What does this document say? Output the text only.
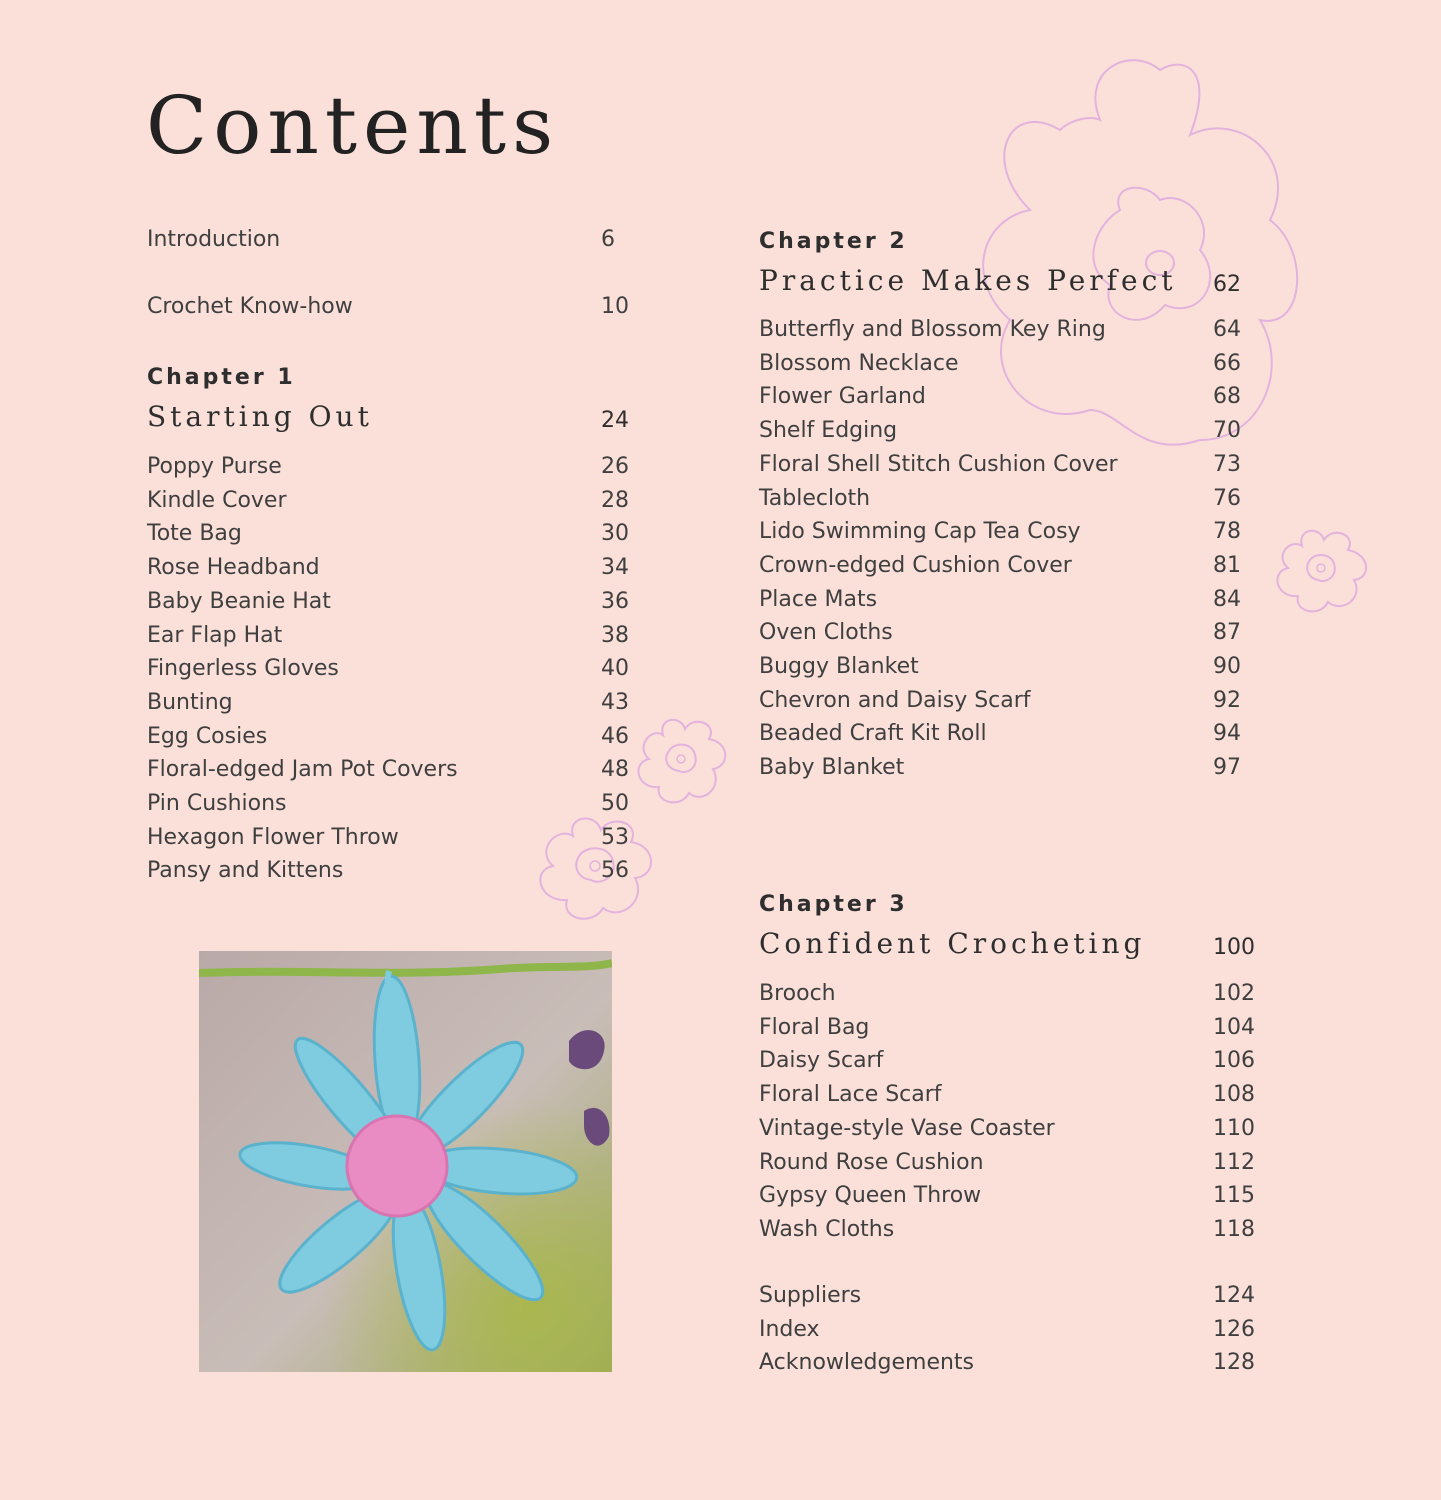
Contents
Introduction	6
Crochet Know-how	10
Chapter 1
Starting Out	24
Poppy Purse	26
Kindle Cover	28
Tote Bag	30
Rose Headband	34
Baby Beanie Hat	36
Ear Flap Hat	38
Fingerless Gloves	40
Bunting	43
Egg Cosies	46
Floral-edged Jam Pot Covers	48
Pin Cushions	50
Hexagon Flower Throw	53
Pansy and Kittens	56
Chapter 2
Practice Makes Perfect 62
Butterfly and Blossom Key Ring	64
Blossom Necklace	66
Flower Garland	68
Shelf Edging	70
Floral Shell Stitch Cushion Cover	73
Tablecloth	76
Lido Swimming Cap Tea Cosy	78
Crown-edged Cushion Cover	81
Place Mats	84
Oven Cloths	87
Buggy Blanket	90
Chevron and Daisy Scarf	92
Beaded Craft Kit Roll	94
Baby Blanket	97
Chapter 3
Confident Crocheting	100
Brooch	102
Floral Bag	104
Daisy Scarf	106
Floral Lace Scarf	108
Vintage-style Vase Coaster	110
Round Rose Cushion	112
Gypsy Queen Throw	115
Wash Cloths	118
Suppliers	124
Index	126
Acknowledgements	128
